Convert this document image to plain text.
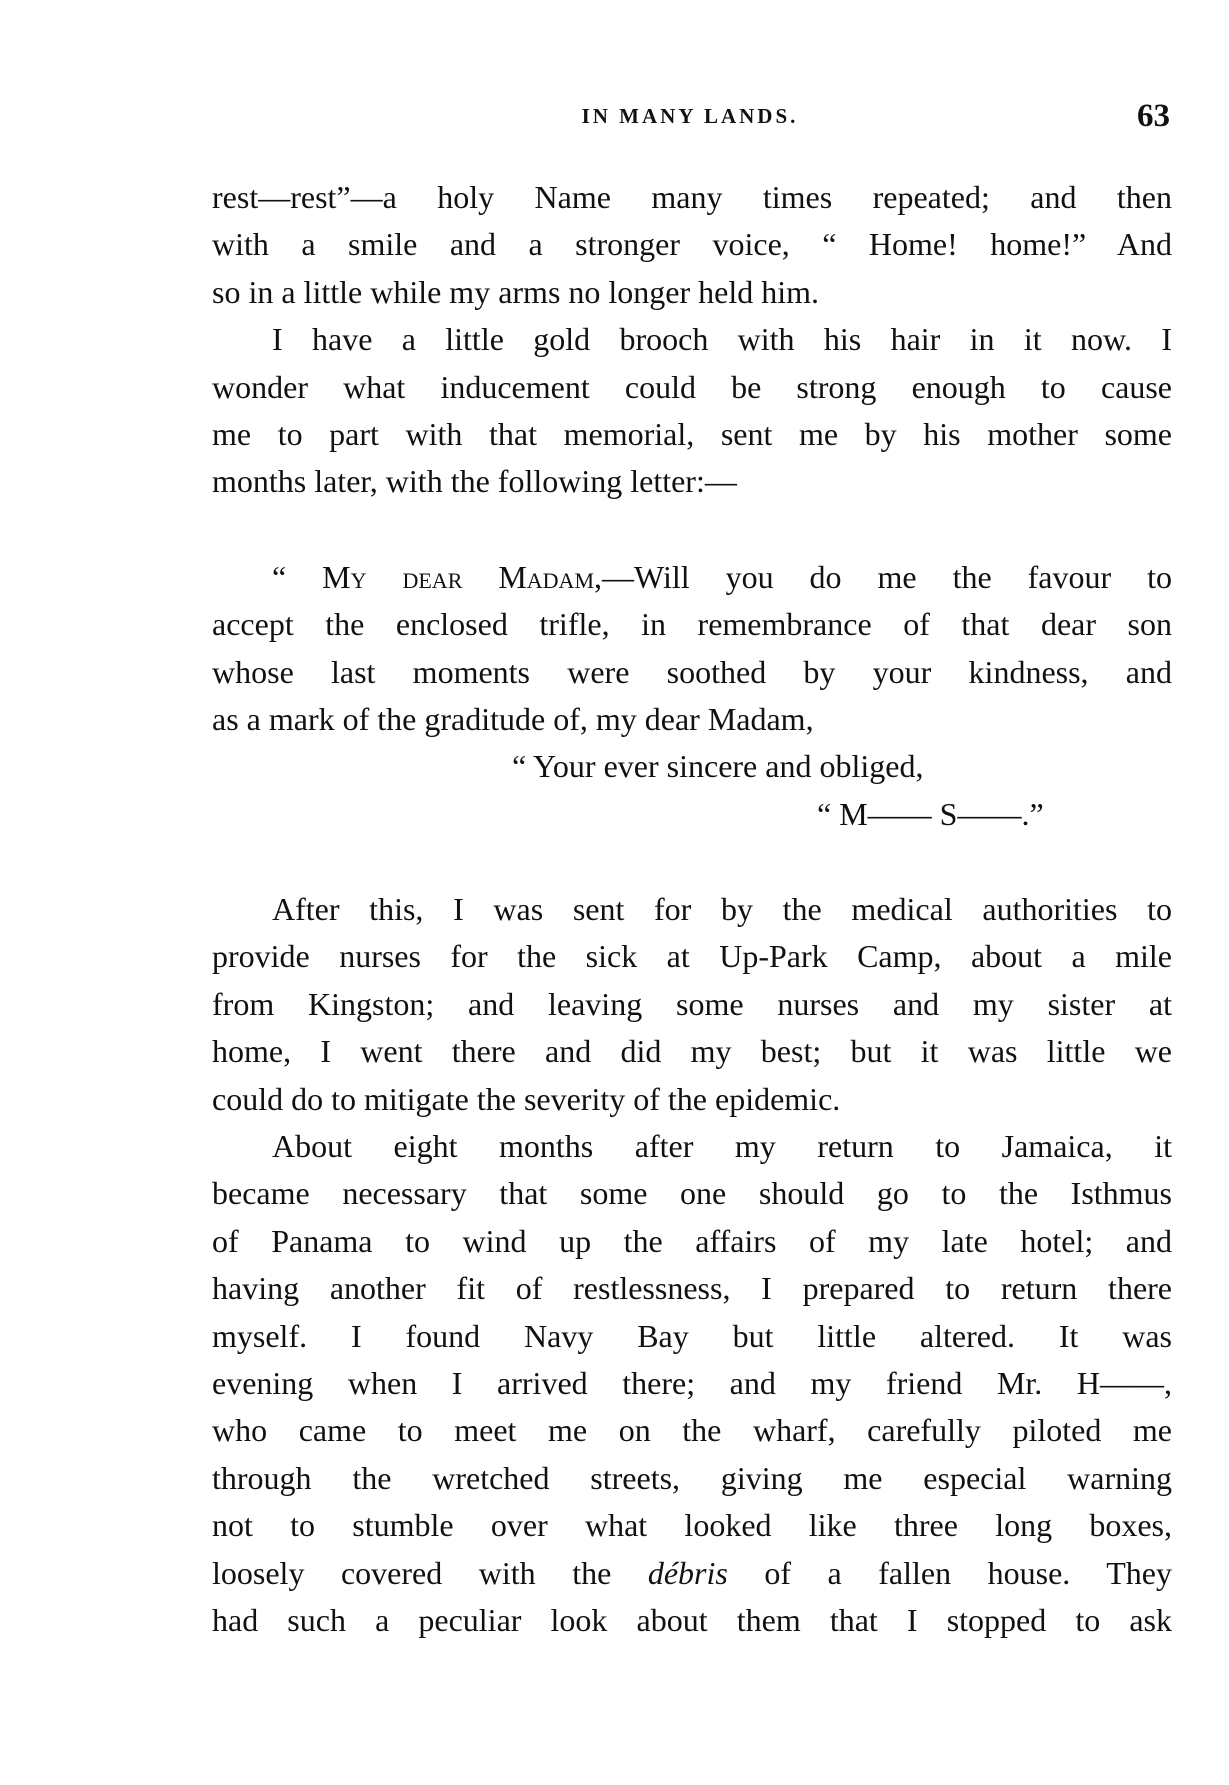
IN MANY LANDS.	63
rest—rest”—a holy Name many times repeated; and then
with a smile and a stronger voice, “ Home! home!” And
so in a little while my arms no longer held him.
I have a little gold brooch with his hair in it now. I
wonder what inducement could be strong enough to cause
me to part with that memorial, sent me by his mother some
months later, with the following letter:—
“ My dear Madam,—Will you do me the favour to
accept the enclosed trifle, in remembrance of that dear son
whose last moments were soothed by your kindness, and
as a mark of the graditude of, my dear Madam,
“ Your ever sincere and obliged,
“ M—— S——.”
After this, I was sent for by the medical authorities to
provide nurses for the sick at Up-Park Camp, about a mile
from Kingston; and leaving some nurses and my sister at
home, I went there and did my best; but it was little we
could do to mitigate the severity of the epidemic.
About eight months after my return to Jamaica, it
became necessary that some one should go to the Isthmus
of Panama to wind up the affairs of my late hotel; and
having another fit of restlessness, I prepared to return there
myself. I found Navy Bay but little altered. It was
evening when I arrived there; and my friend Mr. H——,
who came to meet me on the wharf, carefully piloted me
through the wretched streets, giving me especial warning
not to stumble over what looked like three long boxes,
loosely covered with the débris of a fallen house. They
had such a peculiar look about them that I stopped to ask
